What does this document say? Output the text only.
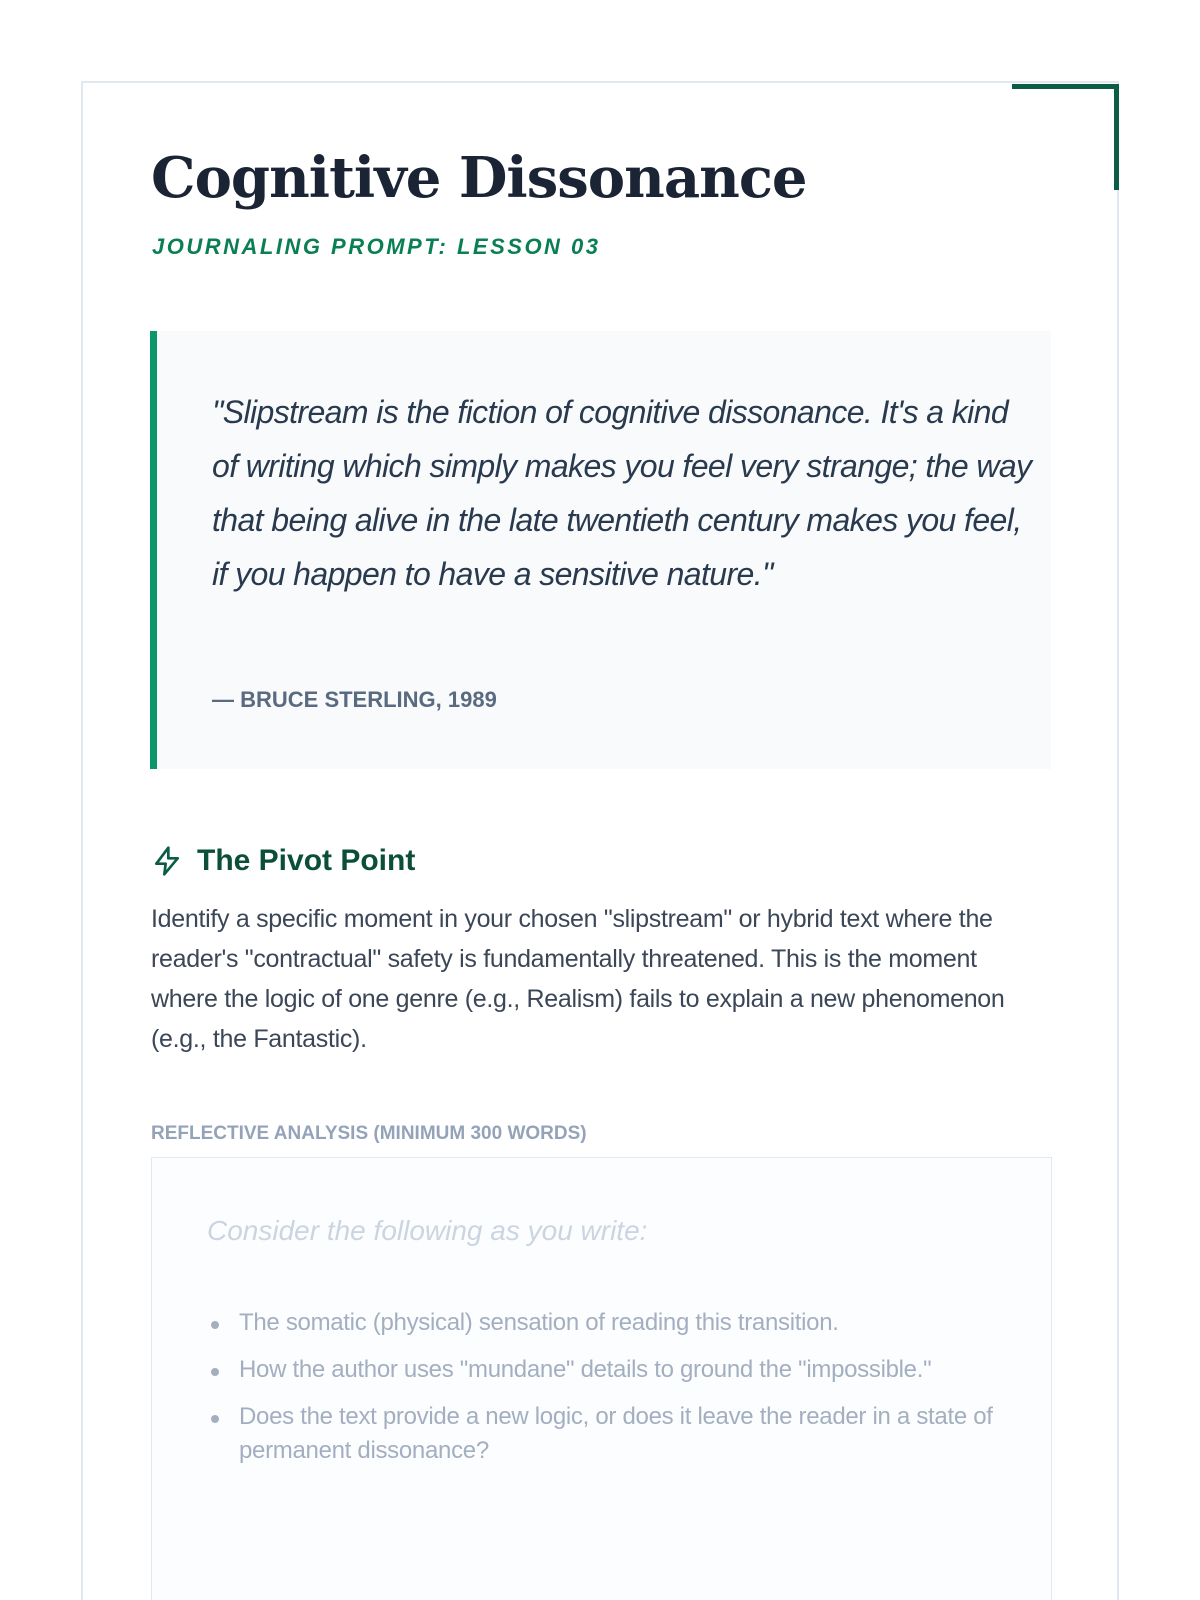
Cognitive Dissonance

JOURNALING PROMPT: LESSON 03

"Slipstream is the fiction of cognitive dissonance. It's a kind of writing which simply makes you feel very strange; the way that being alive in the late twentieth century makes you feel, if you happen to have a sensitive nature."

— BRUCE STERLING, 1989

The Pivot Point

Identify a specific moment in your chosen "slipstream" or hybrid text where the reader's "contractual" safety is fundamentally threatened. This is the moment where the logic of one genre (e.g., Realism) fails to explain a new phenomenon (e.g., the Fantastic).

REFLECTIVE ANALYSIS (MINIMUM 300 WORDS)

Consider the following as you write:

The somatic (physical) sensation of reading this transition.
How the author uses "mundane" details to ground the "impossible."
Does the text provide a new logic, or does it leave the reader in a state of permanent dissonance?
